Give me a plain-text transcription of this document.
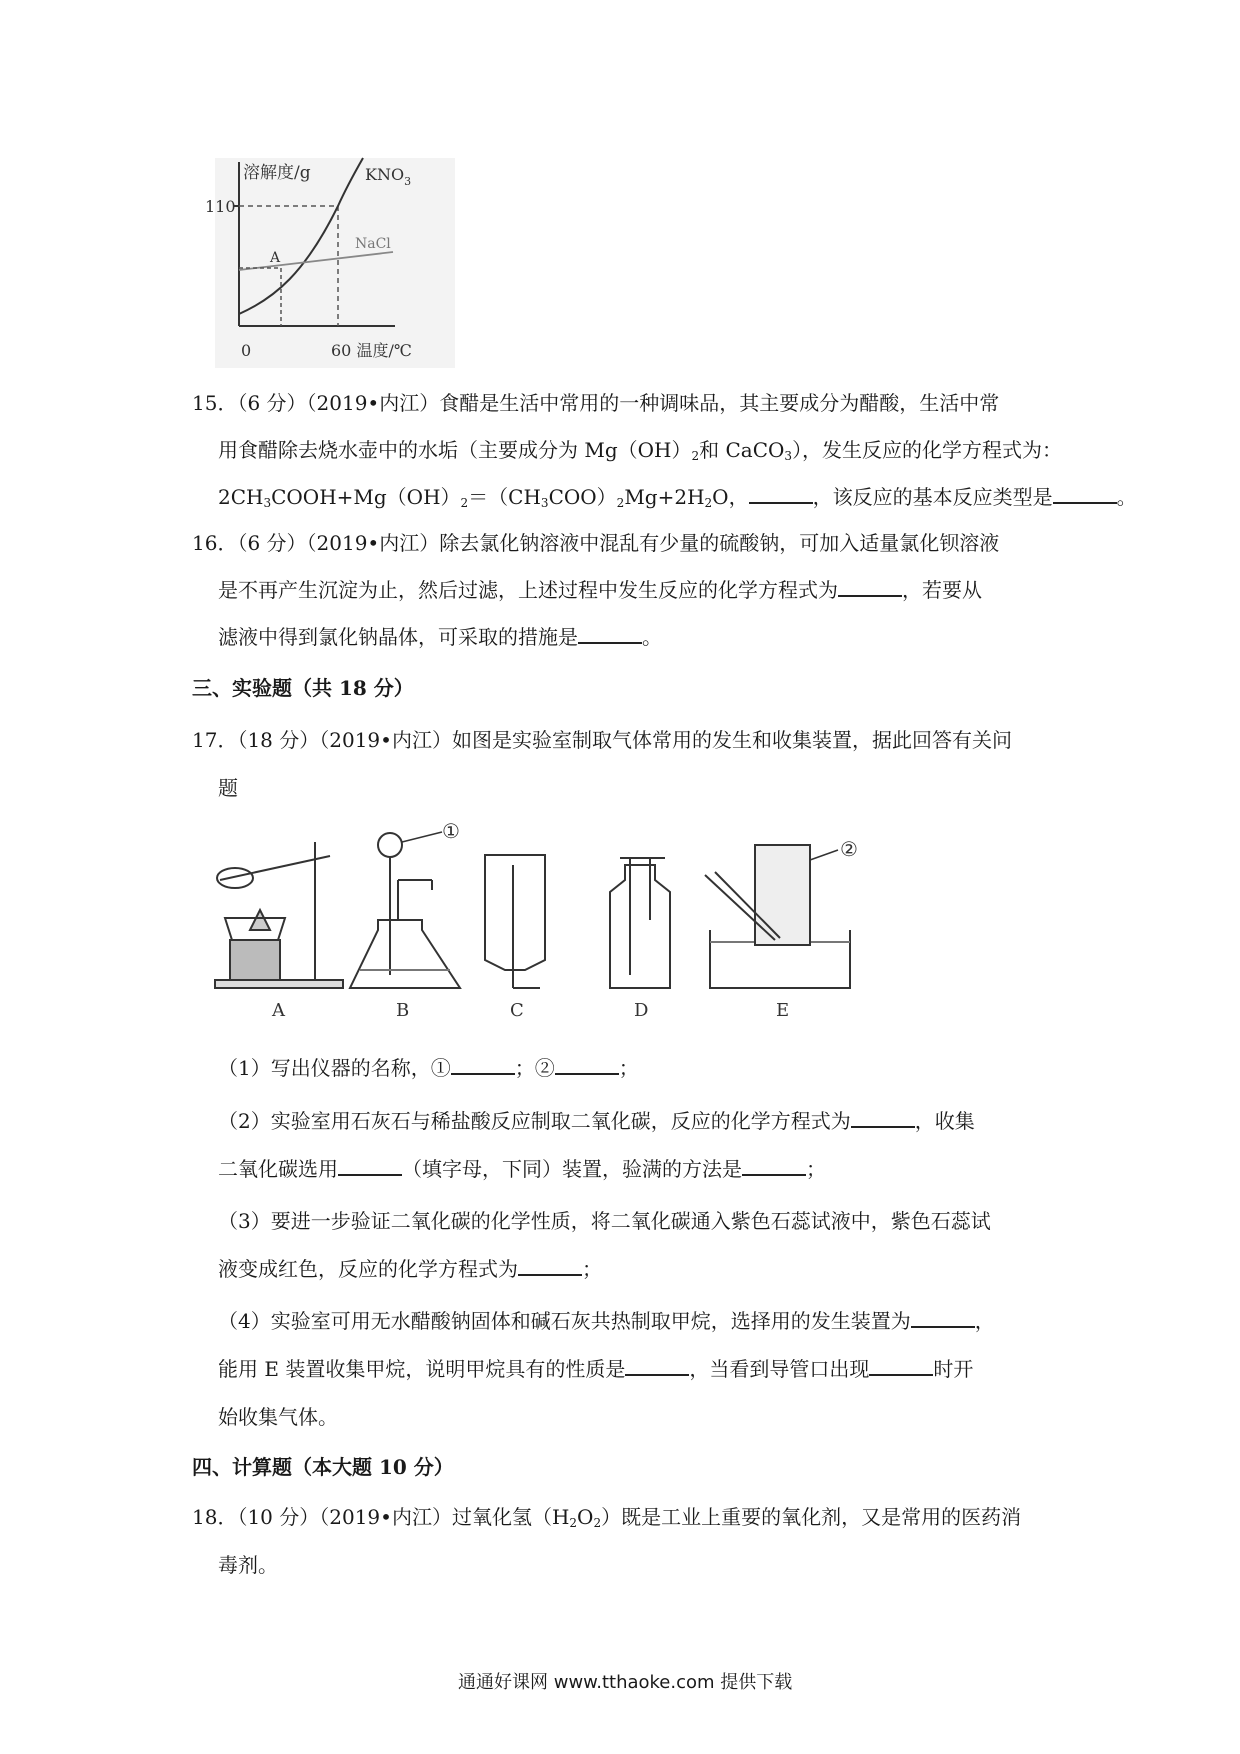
溶解度/g	$KNO_3$
110
NaCl
A
0	60 温度/℃
15．（6 分）（2019•内江）食醋是生活中常用的一种调味品，其主要成分为醋酸，生活中常
用食醋除去烧水壶中的水垢（主要成分为 $Mg(OH)_2$和 CaCO$_3$），发生反应的化学方程式为：
$2CH_3COOH+Mg(OH)_2=(CH_3COO)_2Mg+2H_2O$，	，该反应的基本反应类型是	。
16．（6 分）（2019•内江）除去氯化钠溶液中混乱有少量的硫酸钠，可加入适量氯化钡溶液
是不再产生沉淀为止，然后过滤，上述过程中发生反应的化学方程式为	，若要从
滤液中得到氯化钠晶体，可采取的措施是	。
三、实验题（共 18 分）
17．（18 分）（2019•内江）如图是实验室制取气体常用的发生和收集装置，据此回答有关问
题
A
①
B	C	D
②
E
（1）写出仪器的名称，①	；②	；
（2）实验室用石灰石与稀盐酸反应制取二氧化碳，反应的化学方程式为	，收集
二氧化碳选用	（填字母，下同）装置，验满的方法是	；
（3）要进一步验证二氧化碳的化学性质，将二氧化碳通入紫色石蕊试液中，紫色石蕊试
液变成红色，反应的化学方程式为	；
（4）实验室可用无水醋酸钠固体和碱石灰共热制取甲烷，选择用的发生装置为	，
能用 E 装置收集甲烷，说明甲烷具有的性质是	，当看到导管口出现	时开
始收集气体。
四、计算题（本大题 10 分）
18．（10 分）（2019•内江）过氧化氢$(H_2O_2)$既是工业上重要的氧化剂，又是常用的医药消
毒剂。
通通好课网 www.tthaoke.com 提供下载
